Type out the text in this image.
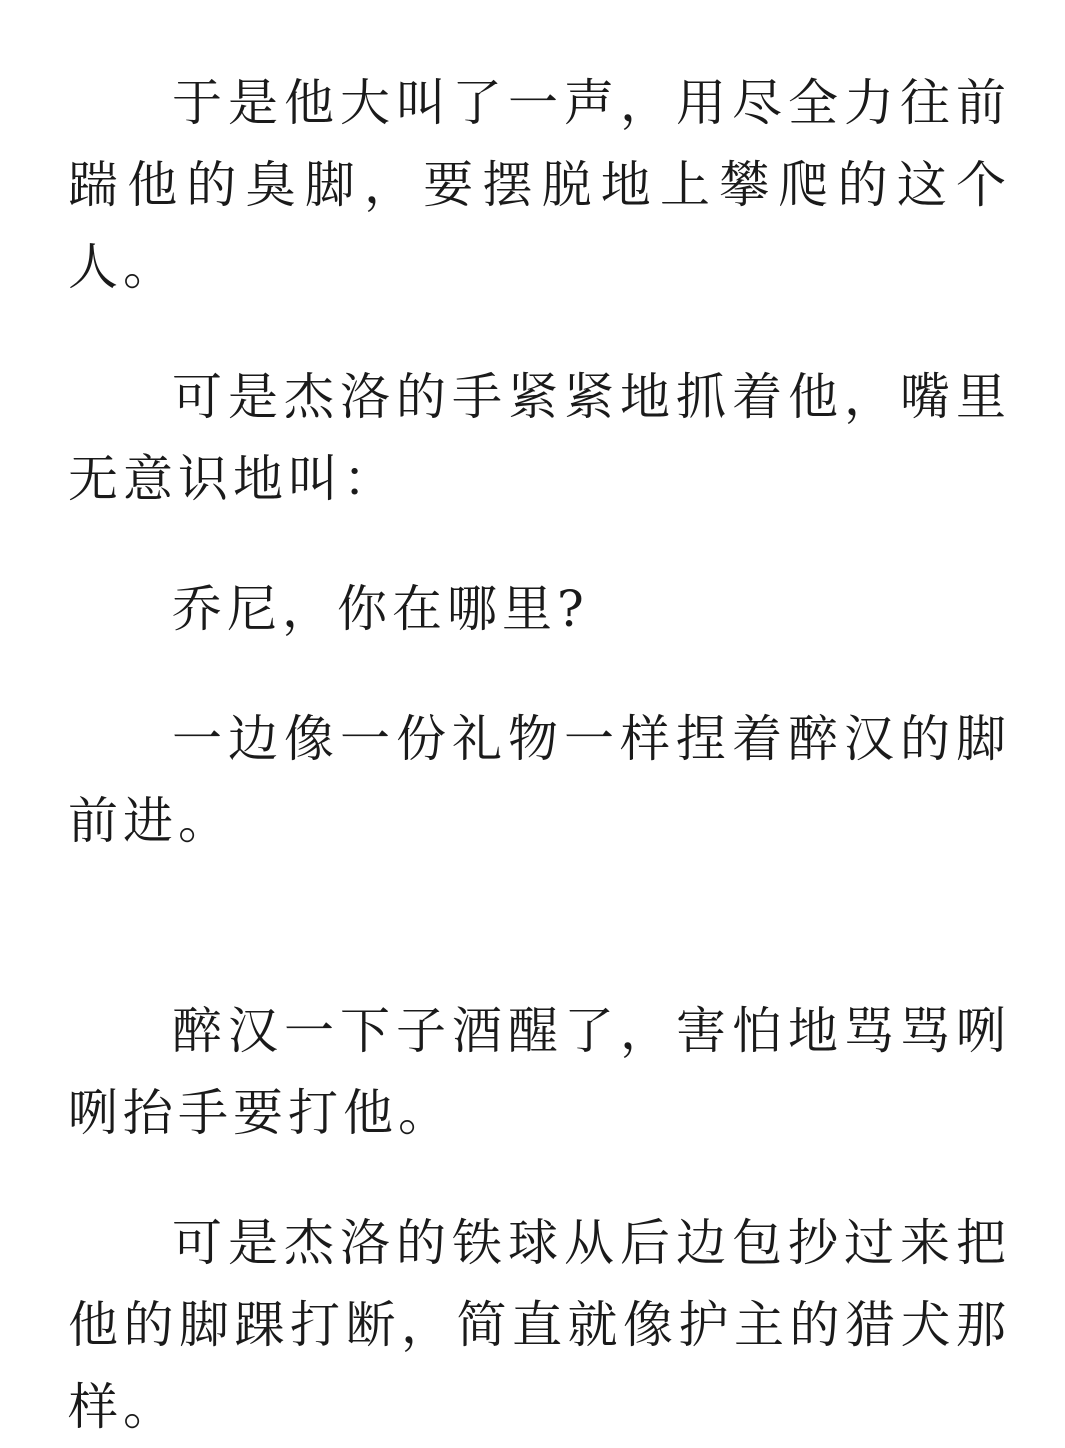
于是他大叫了一声，用尽全力往前踹他的臭脚，要摆脱地上攀爬的这个人。

可是杰洛的手紧紧地抓着他，嘴里无意识地叫：

乔尼，你在哪里?

一边像一份礼物一样捏着醉汉的脚前进。

醉汉一下子酒醒了，害怕地骂骂咧咧抬手要打他。

可是杰洛的铁球从后边包抄过来把他的脚踝打断，简直就像护主的猎犬那样。
